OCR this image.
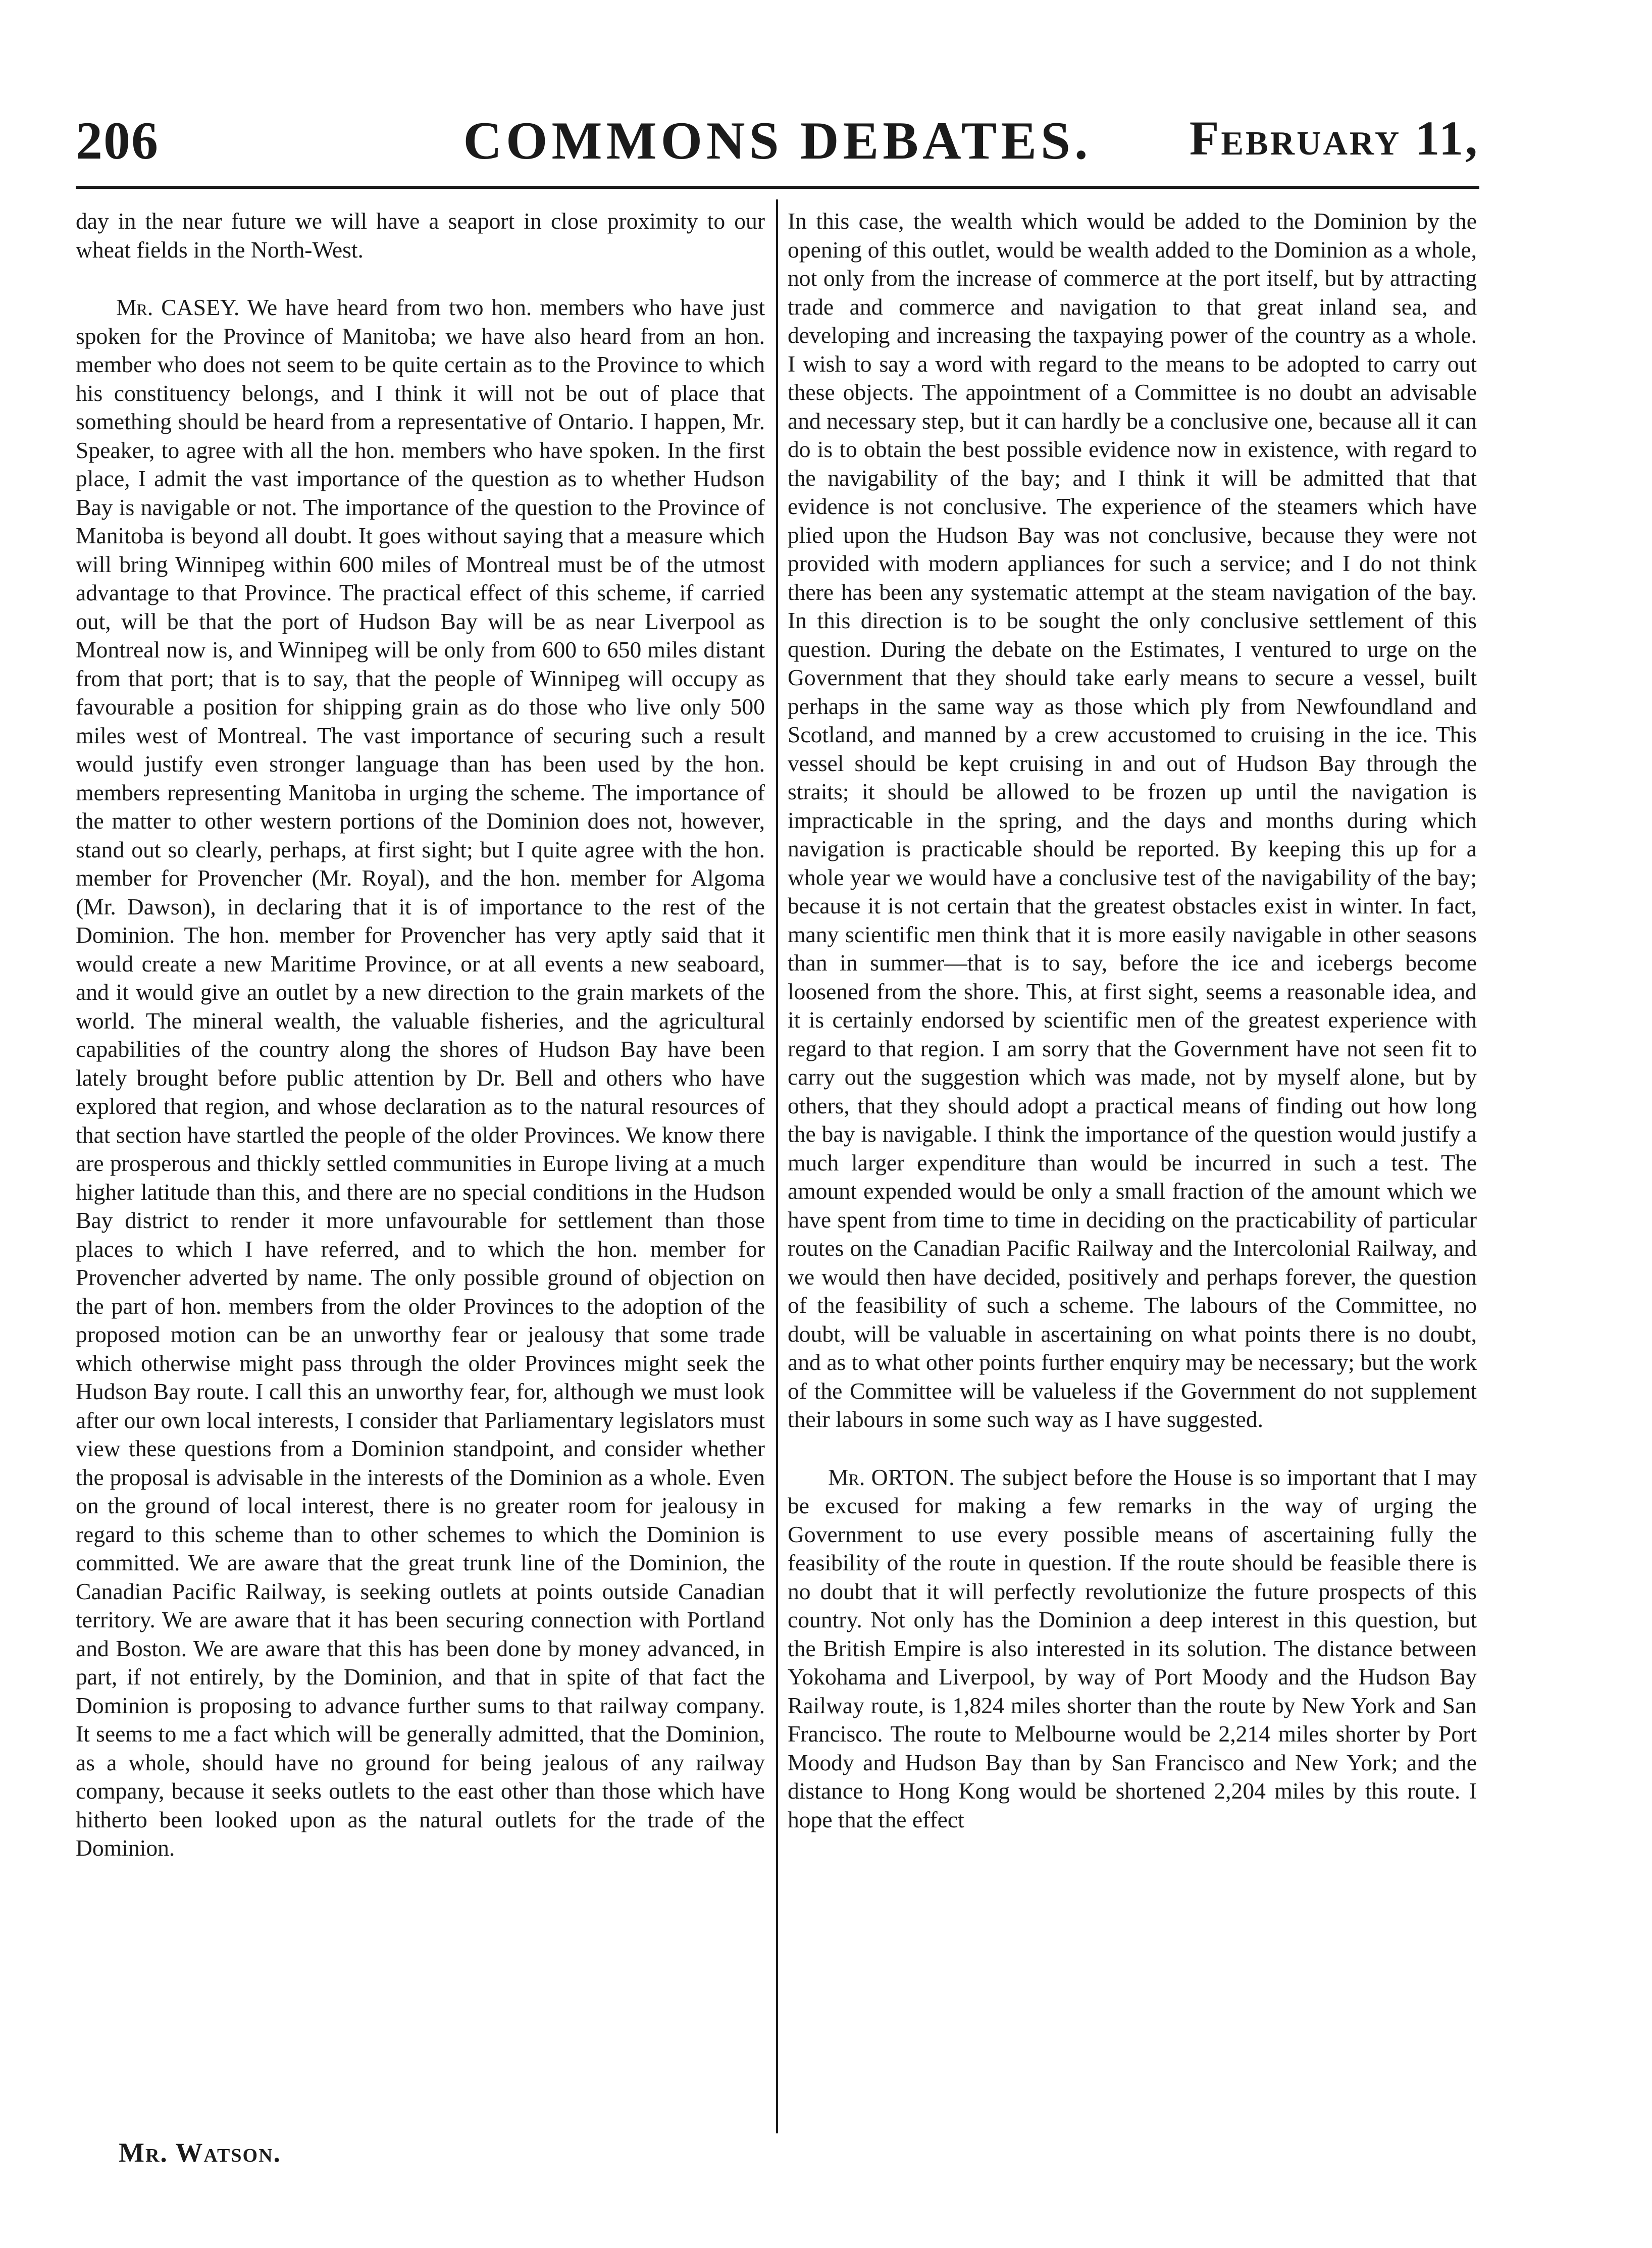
206	COMMONS DEBATES.	February 11,

day in the near future we will have a seaport in close proximity to our wheat fields in the North-West.

Mr. CASEY. We have heard from two hon. members who have just spoken for the Province of Manitoba; we have also heard from an hon. member who does not seem to be quite certain as to the Province to which his constituency belongs, and I think it will not be out of place that something should be heard from a representative of Ontario. I happen, Mr. Speaker, to agree with all the hon. members who have spoken. In the first place, I admit the vast importance of the question as to whether Hudson Bay is navigable or not. The importance of the question to the Province of Manitoba is beyond all doubt. It goes without saying that a measure which will bring Winnipeg within 600 miles of Montreal must be of the utmost advantage to that Province. The practical effect of this scheme, if carried out, will be that the port of Hudson Bay will be as near Liverpool as Montreal now is, and Winnipeg will be only from 600 to 650 miles distant from that port; that is to say, that the people of Winnipeg will occupy as favourable a position for shipping grain as do those who live only 500 miles west of Montreal. The vast importance of securing such a result would justify even stronger language than has been used by the hon. members representing Manitoba in urging the scheme. The importance of the matter to other western portions of the Dominion does not, however, stand out so clearly, perhaps, at first sight; but I quite agree with the hon. member for Provencher (Mr. Royal), and the hon. member for Algoma (Mr. Dawson), in declaring that it is of importance to the rest of the Dominion. The hon. member for Provencher has very aptly said that it would create a new Maritime Province, or at all events a new seaboard, and it would give an outlet by a new direction to the grain markets of the world. The mineral wealth, the valuable fisheries, and the agricultural capabilities of the country along the shores of Hudson Bay have been lately brought before public attention by Dr. Bell and others who have explored that region, and whose declaration as to the natural resources of that section have startled the people of the older Provinces. We know there are prosperous and thickly settled communities in Europe living at a much higher latitude than this, and there are no special conditions in the Hudson Bay district to render it more unfavourable for settlement than those places to which I have referred, and to which the hon. member for Provencher adverted by name. The only possible ground of objection on the part of hon. members from the older Provinces to the adoption of the proposed motion can be an unworthy fear or jealousy that some trade which otherwise might pass through the older Provinces might seek the Hudson Bay route. I call this an unworthy fear, for, although we must look after our own local interests, I consider that Parliamentary legislators must view these questions from a Dominion standpoint, and consider whether the proposal is advisable in the interests of the Dominion as a whole. Even on the ground of local interest, there is no greater room for jealousy in regard to this scheme than to other schemes to which the Dominion is committed. We are aware that the great trunk line of the Dominion, the Canadian Pacific Railway, is seeking outlets at points outside Canadian territory. We are aware that it has been securing connection with Portland and Boston. We are aware that this has been done by money advanced, in part, if not entirely, by the Dominion, and that in spite of that fact the Dominion is proposing to advance further sums to that railway company. It seems to me a fact which will be generally admitted, that the Dominion, as a whole, should have no ground for being jealous of any railway company, because it seeks outlets to the east other than those which have hitherto been looked upon as the natural outlets for the trade of the Dominion.

In this case, the wealth which would be added to the Dominion by the opening of this outlet, would be wealth added to the Dominion as a whole, not only from the increase of commerce at the port itself, but by attracting trade and commerce and navigation to that great inland sea, and developing and increasing the taxpaying power of the country as a whole. I wish to say a word with regard to the means to be adopted to carry out these objects. The appointment of a Committee is no doubt an advisable and necessary step, but it can hardly be a conclusive one, because all it can do is to obtain the best possible evidence now in existence, with regard to the navigability of the bay; and I think it will be admitted that that evidence is not conclusive. The experience of the steamers which have plied upon the Hudson Bay was not conclusive, because they were not provided with modern appliances for such a service; and I do not think there has been any systematic attempt at the steam navigation of the bay. In this direction is to be sought the only conclusive settlement of this question. During the debate on the Estimates, I ventured to urge on the Government that they should take early means to secure a vessel, built perhaps in the same way as those which ply from Newfoundland and Scotland, and manned by a crew accustomed to cruising in the ice. This vessel should be kept cruising in and out of Hudson Bay through the straits; it should be allowed to be frozen up until the navigation is impracticable in the spring, and the days and months during which navigation is practicable should be reported. By keeping this up for a whole year we would have a conclusive test of the navigability of the bay; because it is not certain that the greatest obstacles exist in winter. In fact, many scientific men think that it is more easily navigable in other seasons than in summer—that is to say, before the ice and icebergs become loosened from the shore. This, at first sight, seems a reasonable idea, and it is certainly endorsed by scientific men of the greatest experience with regard to that region. I am sorry that the Government have not seen fit to carry out the suggestion which was made, not by myself alone, but by others, that they should adopt a practical means of finding out how long the bay is navigable. I think the importance of the question would justify a much larger expenditure than would be incurred in such a test. The amount expended would be only a small fraction of the amount which we have spent from time to time in deciding on the practicability of particular routes on the Canadian Pacific Railway and the Intercolonial Railway, and we would then have decided, positively and perhaps forever, the question of the feasibility of such a scheme. The labours of the Committee, no doubt, will be valuable in ascertaining on what points there is no doubt, and as to what other points further enquiry may be necessary; but the work of the Committee will be valueless if the Government do not supplement their labours in some such way as I have suggested.

Mr. ORTON. The subject before the House is so important that I may be excused for making a few remarks in the way of urging the Government to use every possible means of ascertaining fully the feasibility of the route in question. If the route should be feasible there is no doubt that it will perfectly revolutionize the future prospects of this country. Not only has the Dominion a deep interest in this question, but the British Empire is also interested in its solution. The distance between Yokohama and Liverpool, by way of Port Moody and the Hudson Bay Railway route, is 1,824 miles shorter than the route by New York and San Francisco. The route to Melbourne would be 2,214 miles shorter by Port Moody and Hudson Bay than by San Francisco and New York; and the distance to Hong Kong would be shortened 2,204 miles by this route. I hope that the effect

Mr. Watson.
